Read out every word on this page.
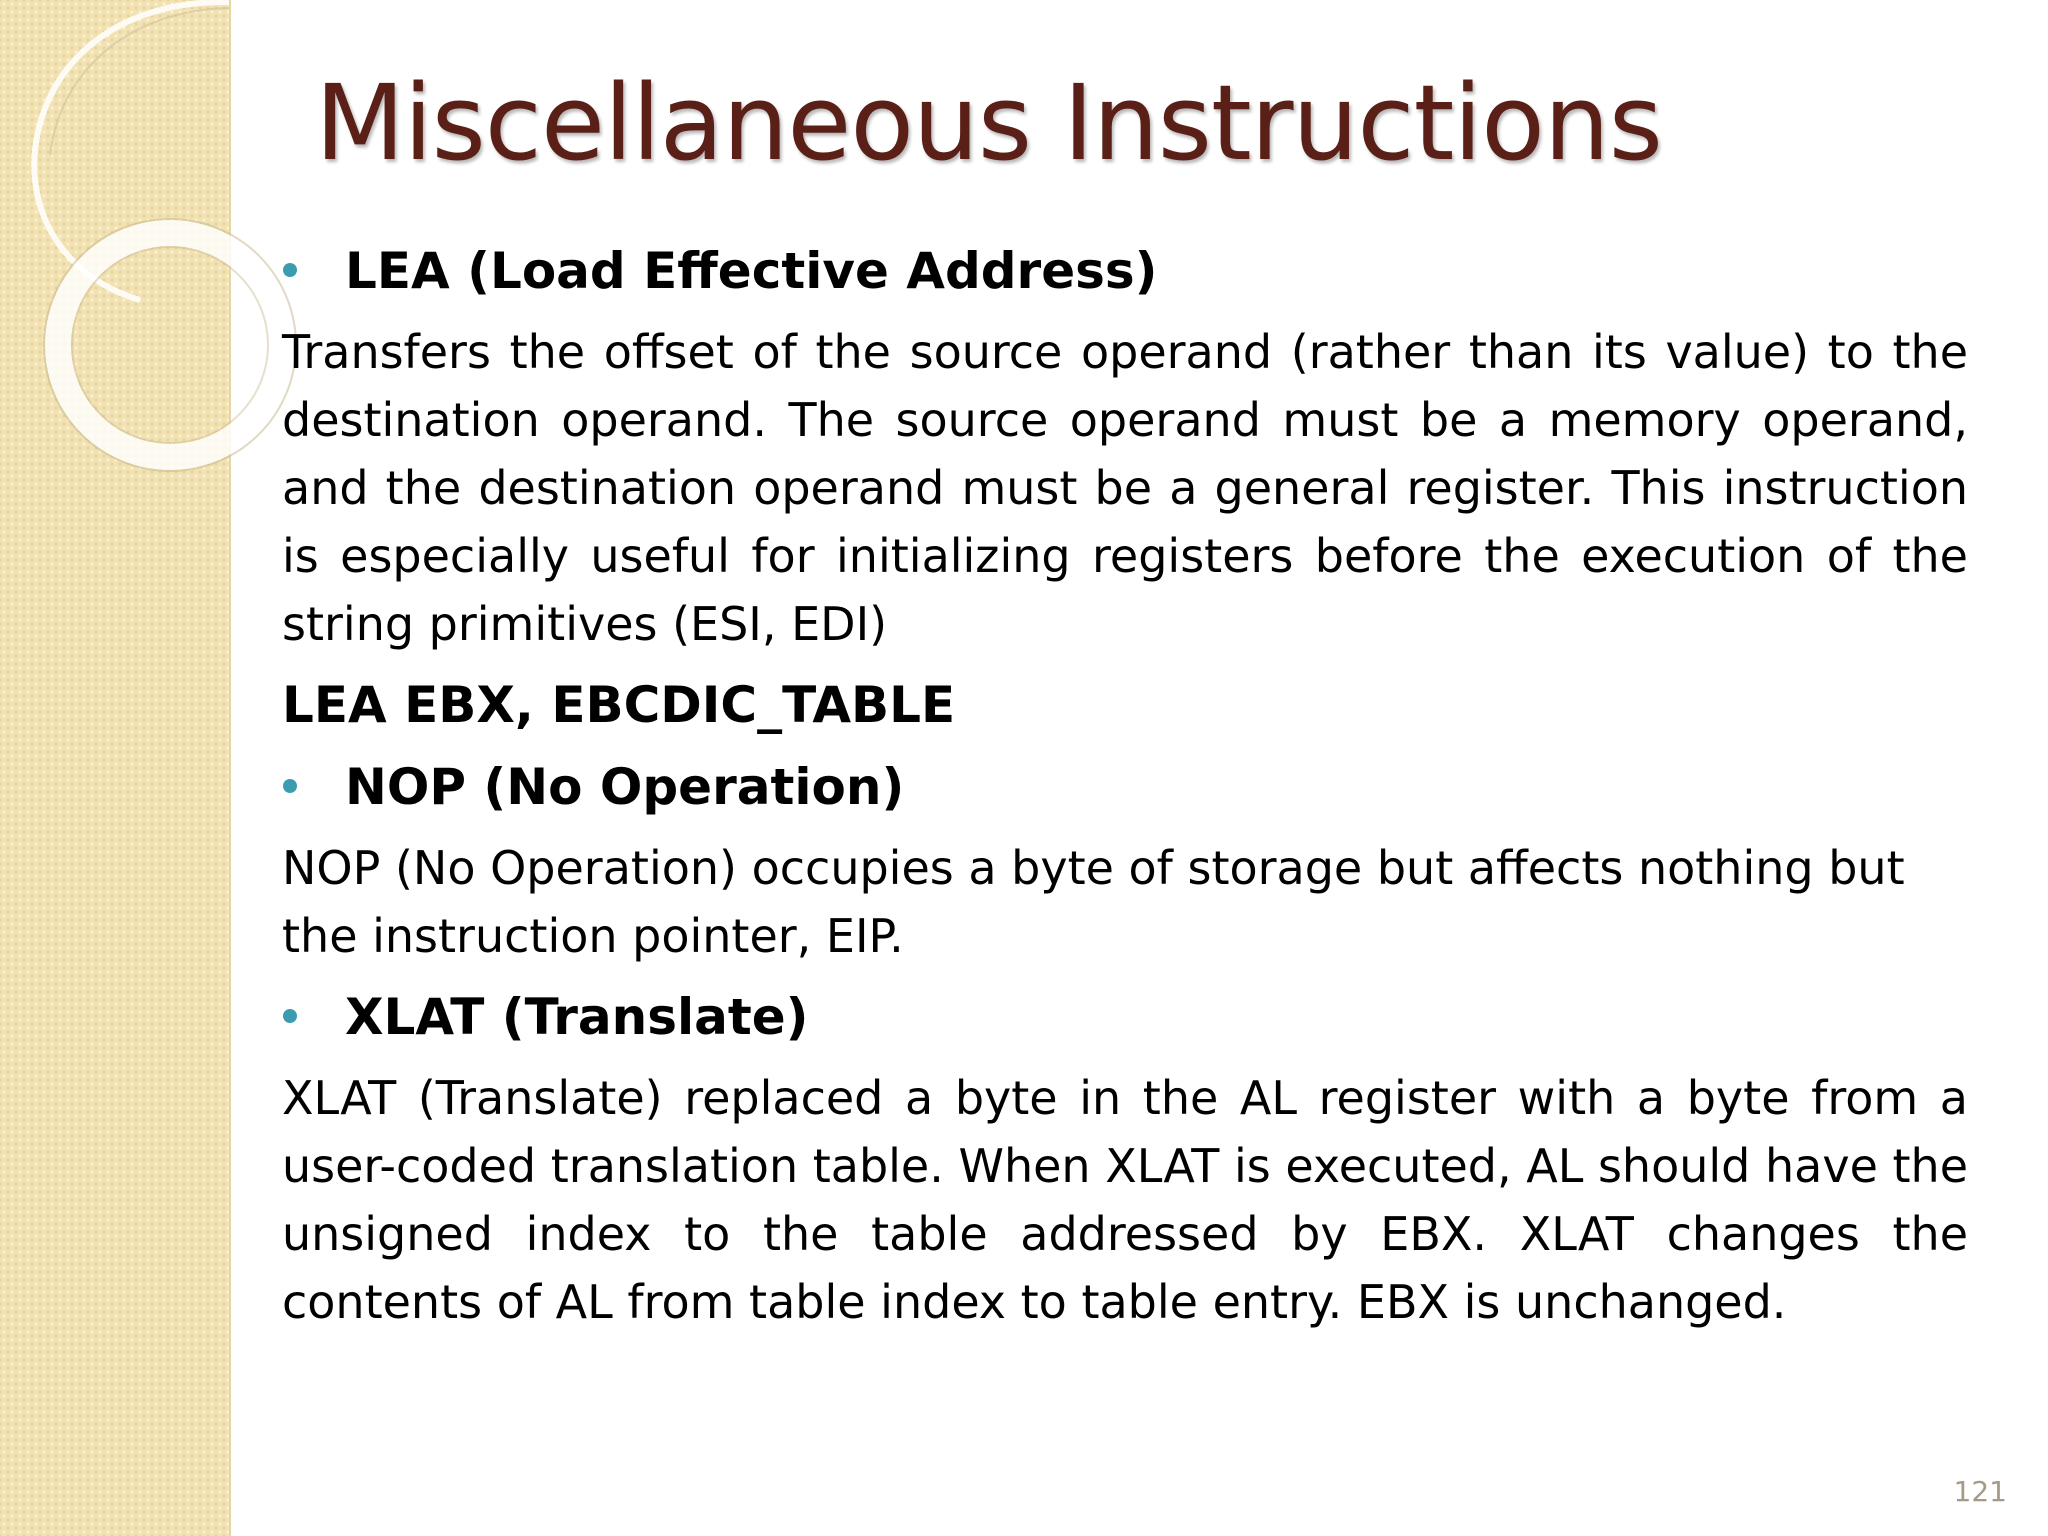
Miscellaneous Instructions
LEA (Load Effective Address)

Transfers the offset of the source operand (rather than its value) to the destination operand. The source operand must be a memory operand, and the destination operand must be a general register. This instruction is especially useful for initializing registers before the execution of the string primitives (ESI, EDI)

LEA EBX, EBCDIC_TABLE
NOP (No Operation)

NOP (No Operation) occupies a byte of storage but affects nothing but the instruction pointer, EIP.

XLAT (Translate)

XLAT (Translate) replaced a byte in the AL register with a byte from a user-coded translation table. When XLAT is executed, AL should have the unsigned index to the table addressed by EBX. XLAT changes the contents of AL from table index to table entry. EBX is unchanged.

121
